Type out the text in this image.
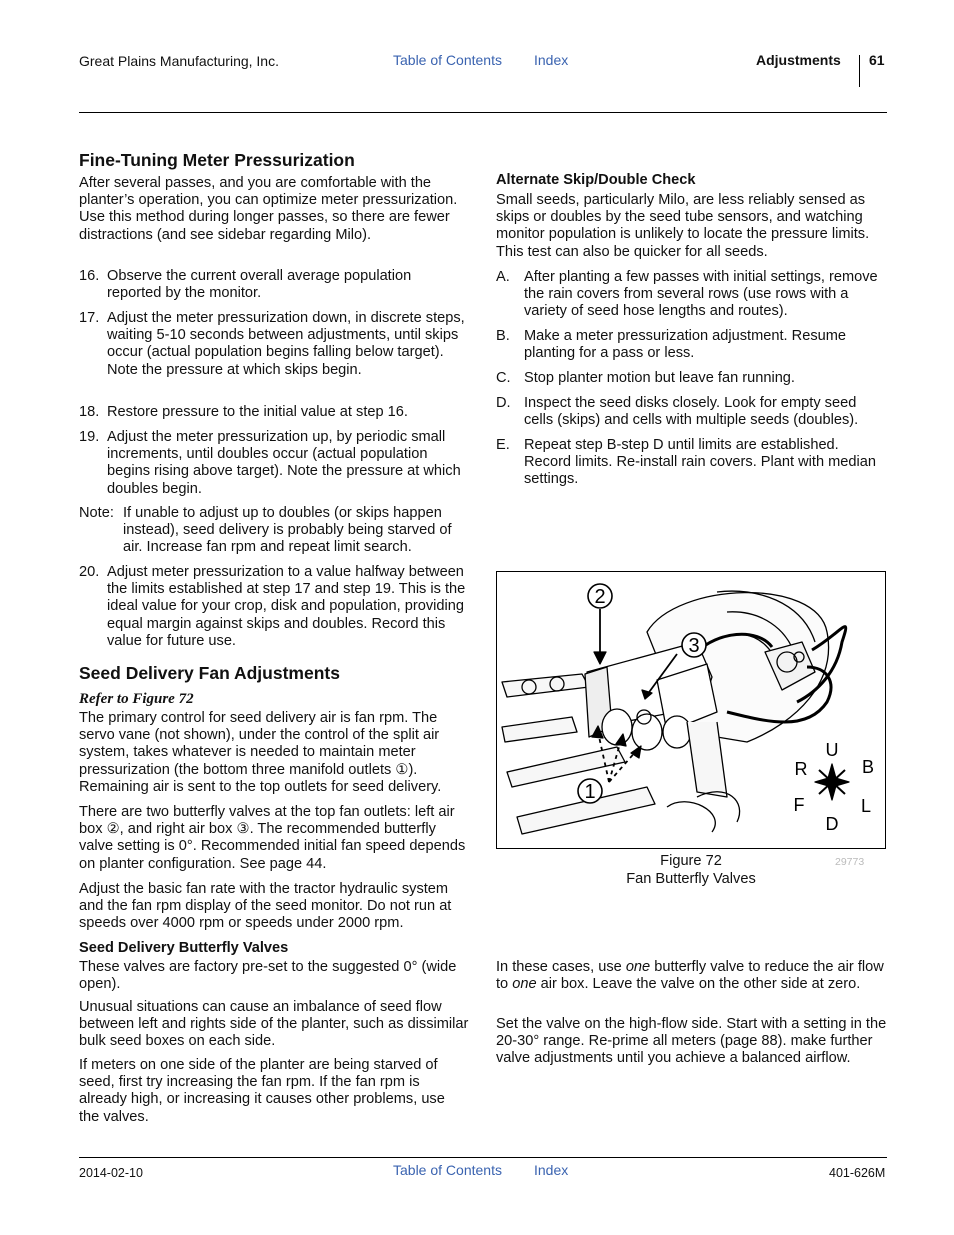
Great Plains Manufacturing, Inc.	Table of Contents Index	Adjustments 61
Fine-Tuning Meter Pressurization

After several passes, and you are comfortable with the planter’s operation, you can optimize meter pressurization. Use this method during longer passes, so there are fewer distractions (and see sidebar regarding Milo).

16. Observe the current overall average population reported by the monitor.
17. Adjust the meter pressurization down, in discrete steps, waiting 5-10 seconds between adjustments, until skips occur (actual population begins falling below target). Note the pressure at which skips begin.
18. Restore pressure to the initial value at step 16.
19. Adjust the meter pressurization up, by periodic small increments, until doubles occur (actual population begins rising above target). Note the pressure at which doubles begin.
Note: If unable to adjust up to doubles (or skips happen instead), seed delivery is probably being starved of air. Increase fan rpm and repeat limit search.
20. Adjust meter pressurization to a value halfway between the limits established at step 17 and step 19. This is the ideal value for your crop, disk and population, providing equal margin against skips and doubles. Record this value for future use.
Seed Delivery Fan Adjustments
Refer to Figure 72

The primary control for seed delivery air is fan rpm. The servo vane (not shown), under the control of the split air system, takes whatever is needed to maintain meter pressurization (the bottom three manifold outlets ①). Remaining air is sent to the top outlets for seed delivery.

There are two butterfly valves at the top fan outlets: left air box ②, and right air box ③. The recommended butterfly valve setting is 0°. Recommended initial fan speed depends on planter configuration. See page 44.

Adjust the basic fan rate with the tractor hydraulic system and the fan rpm display of the seed monitor. Do not run at speeds over 4000 rpm or speeds under 2000 rpm.

Seed Delivery Butterfly Valves

These valves are factory pre-set to the suggested 0° (wide open).

Unusual situations can cause an imbalance of seed flow between left and rights side of the planter, such as dissimilar bulk seed boxes on each side.

If meters on one side of the planter are being starved of seed, first try increasing the fan rpm. If the fan rpm is already high, or increasing it causes other problems, use the valves.

Alternate Skip/Double Check

Small seeds, particularly Milo, are less reliably sensed as skips or doubles by the seed tube sensors, and watching monitor population is unlikely to locate the pressure limits. This test can also be quicker for all seeds.

A. After planting a few passes with initial settings, remove the rain covers from several rows (use rows with a variety of seed hose lengths and routes).
B. Make a meter pressurization adjustment. Resume planting for a pass or less.
C. Stop planter motion but leave fan running.
D. Inspect the seed disks closely. Look for empty seed cells (skips) and cells with multiple seeds (doubles).
E. Repeat step B-step D until limits are established. Record limits. Re-install rain covers. Plant with median settings.
2
3
1
U
D
R	B
F	L
Figure 72
Fan Butterfly Valves
29773

In these cases, use one butterfly valve to reduce the air flow to one air box. Leave the valve on the other side at zero.

Set the valve on the high-flow side. Start with a setting in the 20-30° range. Re-prime all meters (page 88). make further valve adjustments until you achieve a balanced airflow.

2014-02-10	Table of Contents Index	401-626M
